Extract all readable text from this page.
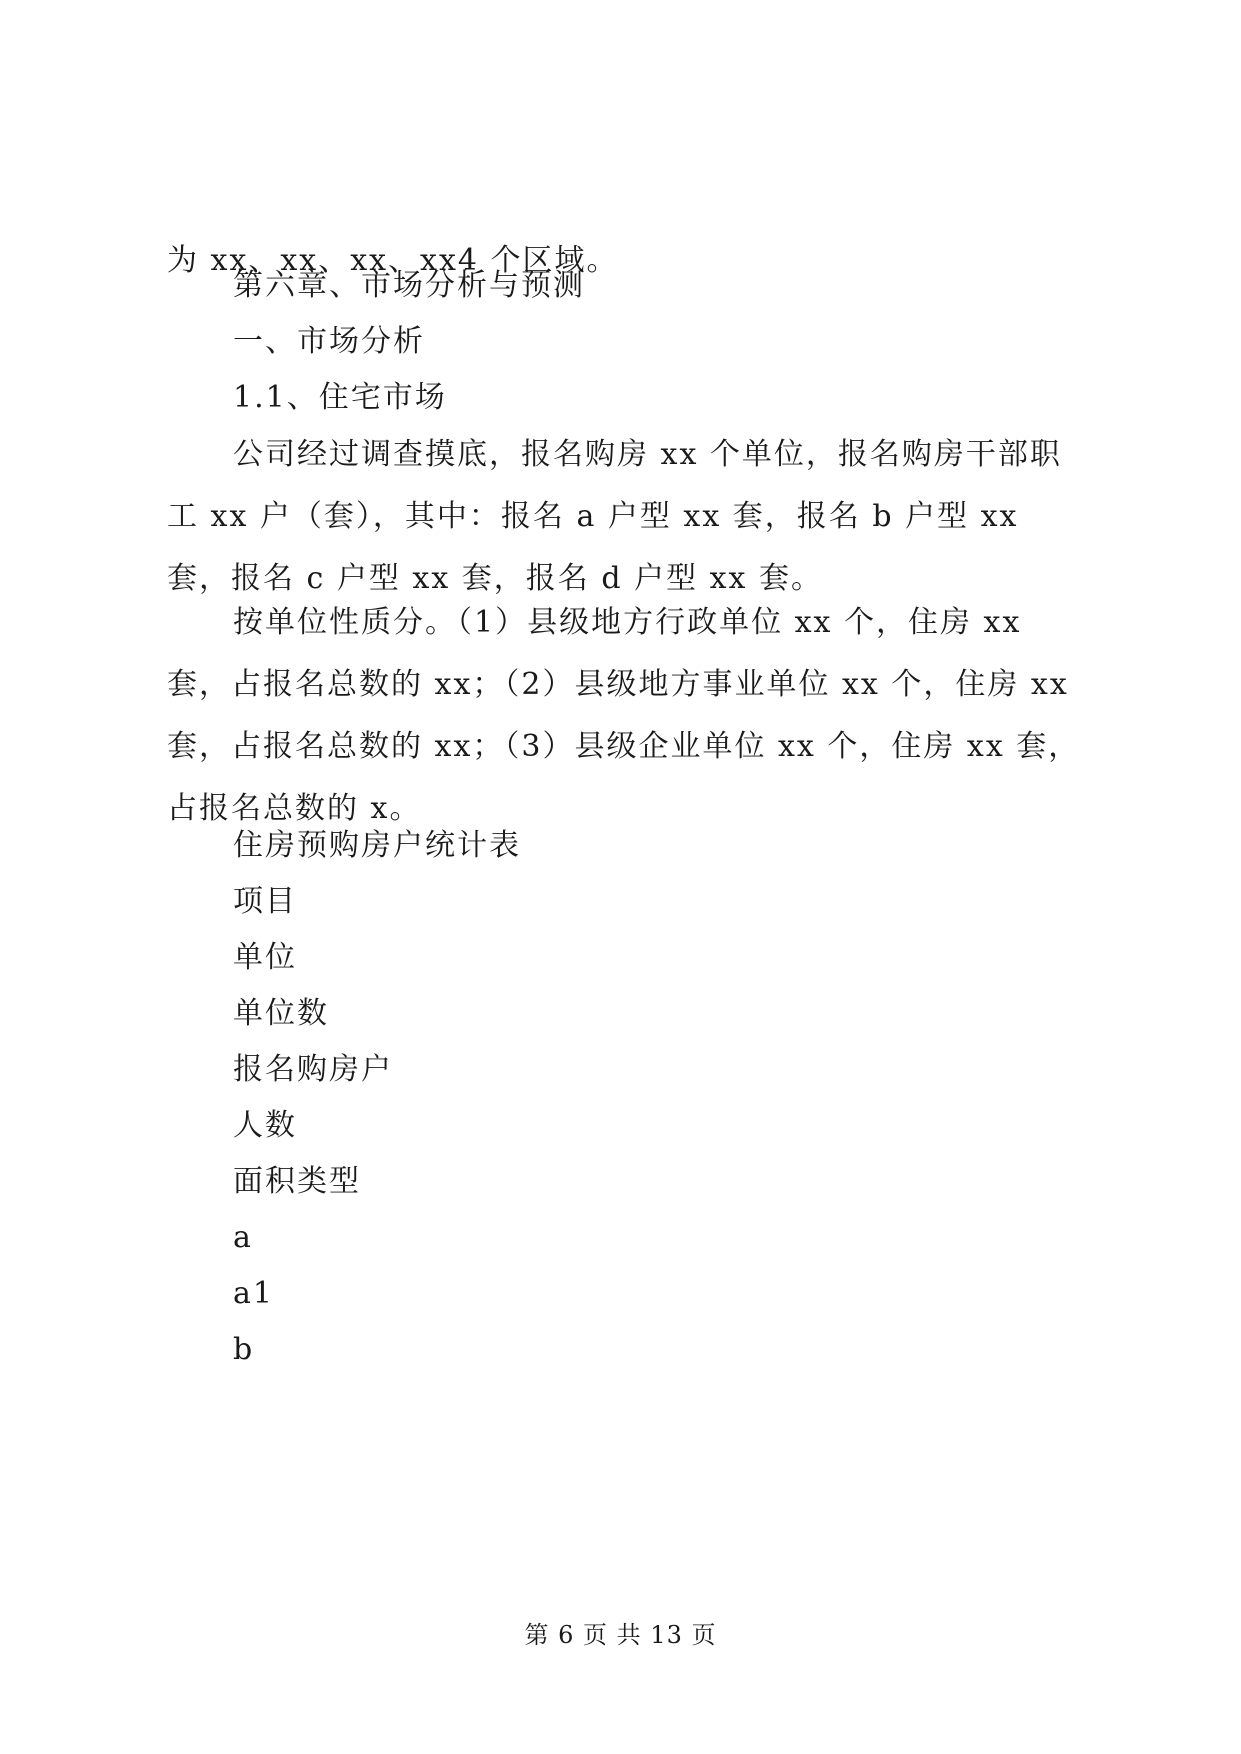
为 xx、xx、xx、xx4 个区域。

第六章、市场分析与预测

一、市场分析

1.1、住宅市场

公司经过调查摸底，报名购房 xx 个单位，报名购房干部职工 xx 户（套），其中：报名 a 户型 xx 套，报名 b 户型 xx 套，报名 c 户型 xx 套，报名 d 户型 xx 套。

按单位性质分。（1）县级地方行政单位 xx 个，住房 xx 套，占报名总数的 xx；（2）县级地方事业单位 xx 个，住房 xx 套，占报名总数的 xx；（3）县级企业单位 xx 个，住房 xx 套，占报名总数的 x。

住房预购房户统计表

项目

单位

单位数

报名购房户

人数

面积类型

a

a1

b

第 6 页 共 13 页
